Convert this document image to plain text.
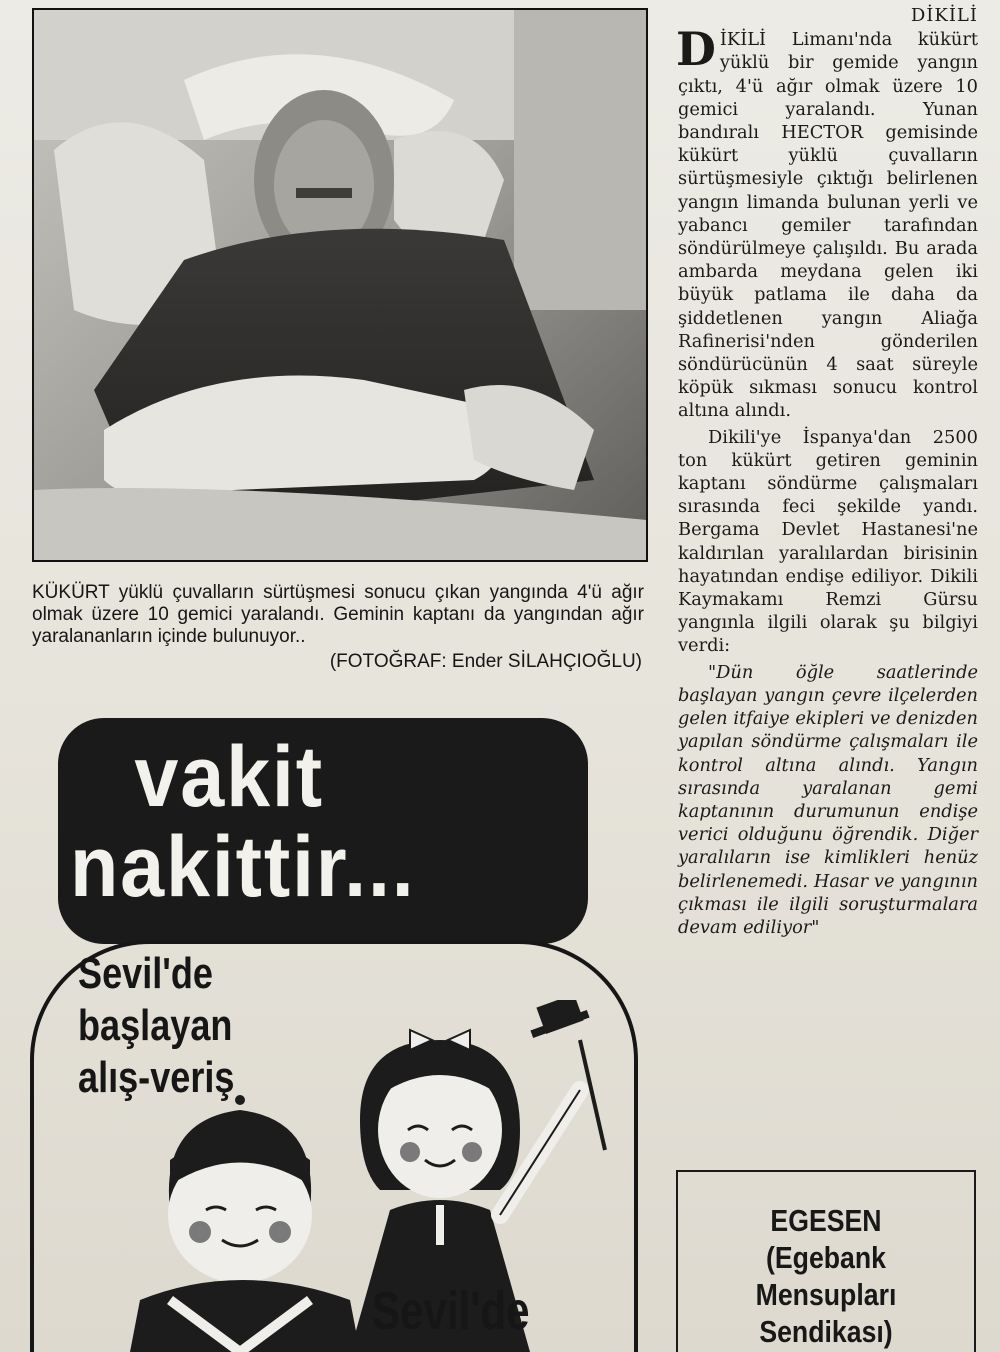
KÜKÜRT yüklü çuvalların sürtüşmesi sonucu çıkan yangında 4'ü ağır olmak üzere 10 gemici yaralandı. Geminin kaptanı da yangından ağır yaralananların içinde bulunuyor..
(FOTOĞRAF: Ender SİLAHÇIOĞLU)
vakit
nakittir...
Sevil'de
başlayan
alış-veriş
Sevil'de
DİKİLİ

DİKİLİ Limanı'nda kükürt yüklü bir gemide yangın çıktı, 4'ü ağır olmak üzere 10 gemici yaralandı. Yunan bandıralı HECTOR gemisinde kükürt yüklü çuvalların sürtüşmesiyle çıktığı belirlenen yangın limanda bulunan yerli ve yabancı gemiler tarafından söndürülmeye çalışıldı. Bu arada ambarda meydana gelen iki büyük patlama ile daha da şiddetlenen yangın Aliağa Rafinerisi'nden gönderilen söndürücünün 4 saat süreyle köpük sıkması sonucu kontrol altına alındı.

Dikili'ye İspanya'dan 2500 ton kükürt getiren geminin kaptanı söndürme çalışmaları sırasında feci şekilde yandı. Bergama Devlet Hastanesi'ne kaldırılan yaralılardan birisinin hayatından endişe ediliyor. Dikili Kaymakamı Remzi Gürsu yangınla ilgili olarak şu bilgiyi verdi:

"Dün öğle saatlerinde başlayan yangın çevre ilçelerden gelen itfaiye ekipleri ve denizden yapılan söndürme çalışmaları ile kontrol altına alındı. Yangın sırasında yaralanan gemi kaptanının durumunun endişe verici olduğunu öğrendik. Diğer yaralıların ise kimlikleri henüz belirlenemedi. Hasar ve yangının çıkması ile ilgili soruşturmalara devam ediliyor"

EGESEN
(Egebank
Mensupları
Sendikası)
